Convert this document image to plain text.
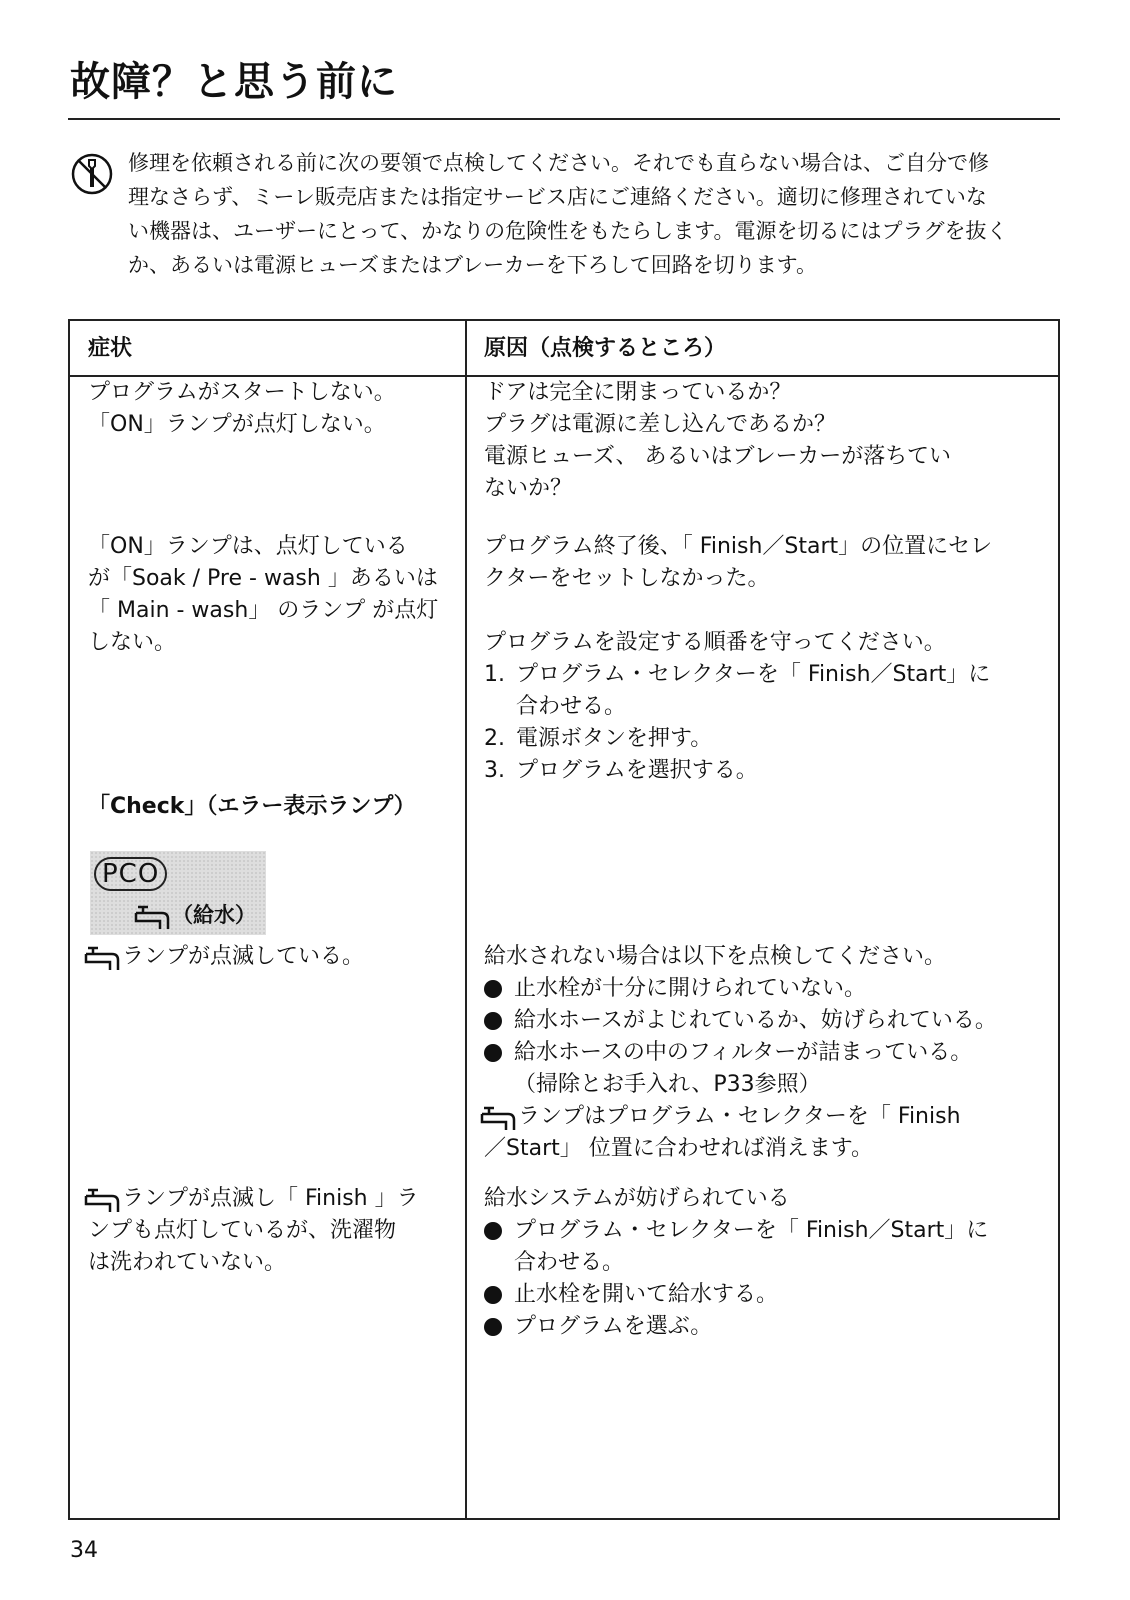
故障？と思う前に

修理を依頼される前に次の要領で点検してください。それでも直らない場合は、ご自分で修
理なさらず、ミーレ販売店または指定サービス店にご連絡ください。適切に修理されていな
い機器は、ユーザーにとって、かなりの危険性をもたらします。電源を切るにはプラグを抜く
か、あるいは電源ヒューズまたはブレーカーを下ろして回路を切ります。

症状	原因（点検するところ）
プログラムがスタートしない。
「ON」ランプが点灯しない。
ドアは完全に閉まっているか？
プラグは電源に差し込んであるか？
電源ヒューズ、 あるいはブレーカーが落ちてい
ないか？
「ON」ランプは、点灯している
が「Soak / Pre - wash 」あるいは
「 Main - wash」 のランプ が点灯
しない。
プログラム終了後、「 Finish／Start」の位置にセレ
クターをセットしなかった。
プログラムを設定する順番を守ってください。
1. プログラム・セレクターを「 Finish／Start」に
合わせる。
2. 電源ボタンを押す。
3. プログラムを選択する。
「Check」（エラー表示ランプ）
PCO
（給水）
ランプが点滅している。	給水されない場合は以下を点検してください。
止水栓が十分に開けられていない。
給水ホースがよじれているか、妨げられている。
給水ホースの中のフィルターが詰まっている。
（掃除とお手入れ、P33参照）
ランプはプログラム・セレクターを「 Finish
／Start」 位置に合わせれば消えます。
ランプが点滅し「 Finish 」ラ
ンプも点灯しているが、洗濯物
は洗われていない。
給水システムが妨げられている
プログラム・セレクターを「 Finish／Start」に
合わせる。
止水栓を開いて給水する。
プログラムを選ぶ。
34
